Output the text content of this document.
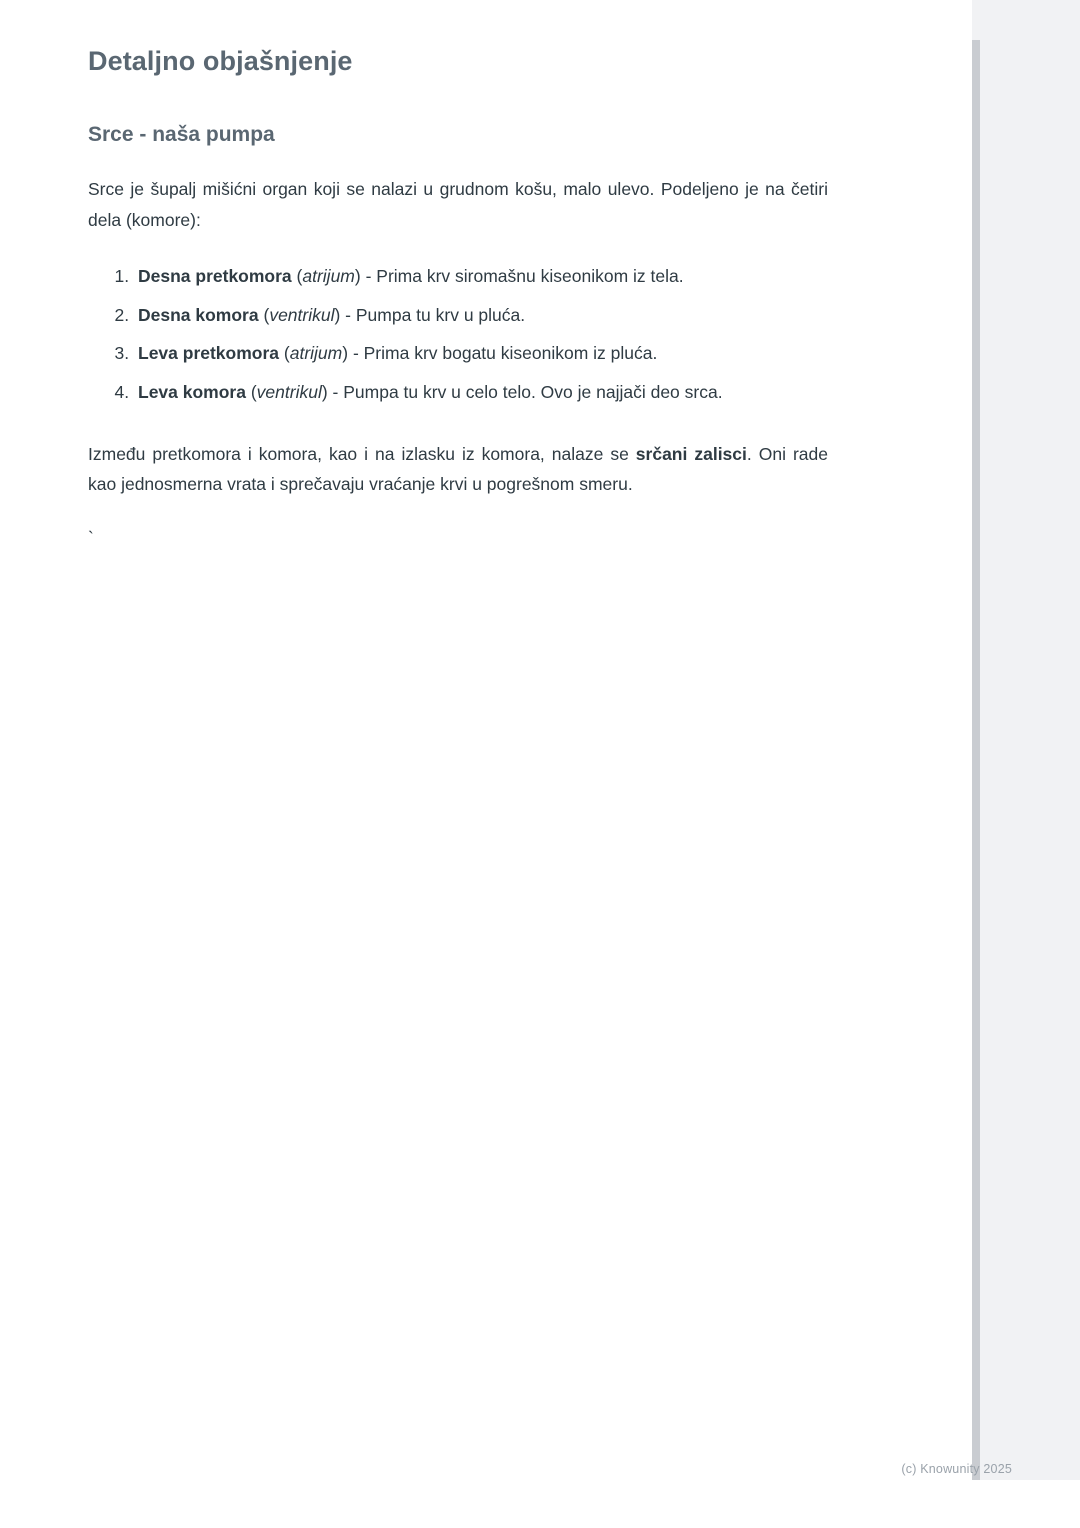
Detaljno objašnjenje
Srce - naša pumpa

Srce je šupalj mišićni organ koji se nalazi u grudnom košu, malo ulevo. Podeljeno je na četiri dela (komore):

1. Desna pretkomora (atrijum) - Prima krv siromašnu kiseonikom iz tela.
2. Desna komora (ventrikul) - Pumpa tu krv u pluća.
3. Leva pretkomora (atrijum) - Prima krv bogatu kiseonikom iz pluća.
4. Leva komora (ventrikul) - Pumpa tu krv u celo telo. Ovo je najjači deo srca.

Između pretkomora i komora, kao i na izlasku iz komora, nalaze se srčani zalisci. Oni rade kao jednosmerna vrata i sprečavaju vraćanje krvi u pogrešnom smeru.

`
(c) Knowunity 2025
